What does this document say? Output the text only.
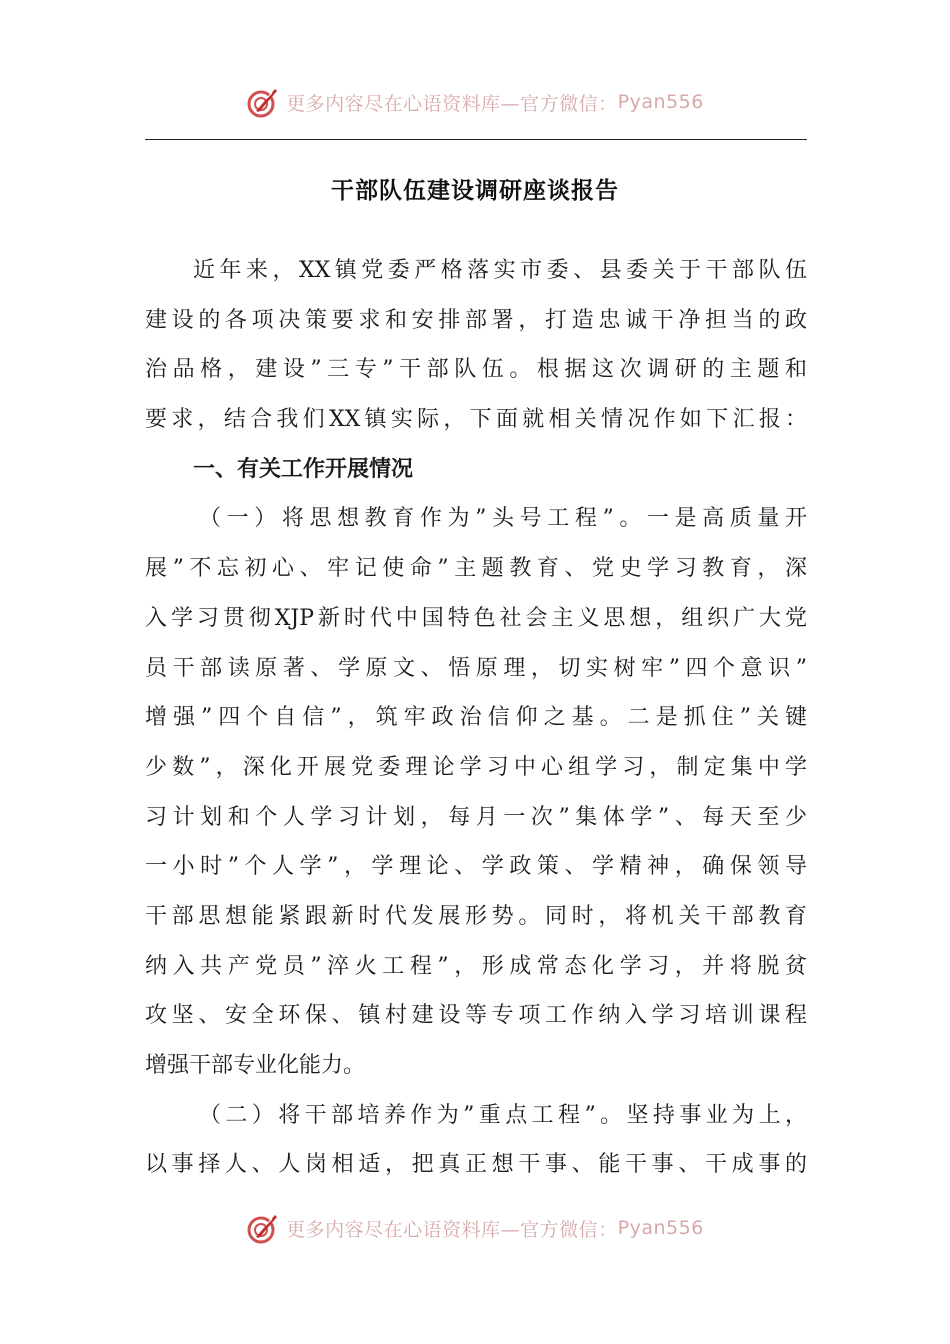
更多内容尽在心语资料库—官方微信： Pyan556
干部队伍建设调研座谈报告
近年来，XX镇党委严格落实市委、县委关于干部队伍
建设的各项决策要求和安排部署，打造忠诚干净担当的政
治品格，建设”三专”干部队伍。根据这次调研的主题和
要求，结合我们XX镇实际，下面就相关情况作如下汇报：
一、有关工作开展情况
（一）将思想教育作为”头号工程”。一是高质量开
展”不忘初心、牢记使命”主题教育、党史学习教育，深
入学习贯彻XJP新时代中国特色社会主义思想，组织广大党
员干部读原著、学原文、悟原理，切实树牢”四个意识”
增强”四个自信”，筑牢政治信仰之基。二是抓住”关键
少数”，深化开展党委理论学习中心组学习，制定集中学
习计划和个人学习计划，每月一次”集体学”、每天至少
一小时”个人学”，学理论、学政策、学精神，确保领导
干部思想能紧跟新时代发展形势。同时，将机关干部教育
纳入共产党员”淬火工程”，形成常态化学习，并将脱贫
攻坚、安全环保、镇村建设等专项工作纳入学习培训课程
增强干部专业化能力。
（二）将干部培养作为”重点工程”。坚持事业为上，
以事择人、人岗相适，把真正想干事、能干事、干成事的
更多内容尽在心语资料库—官方微信： Pyan556
